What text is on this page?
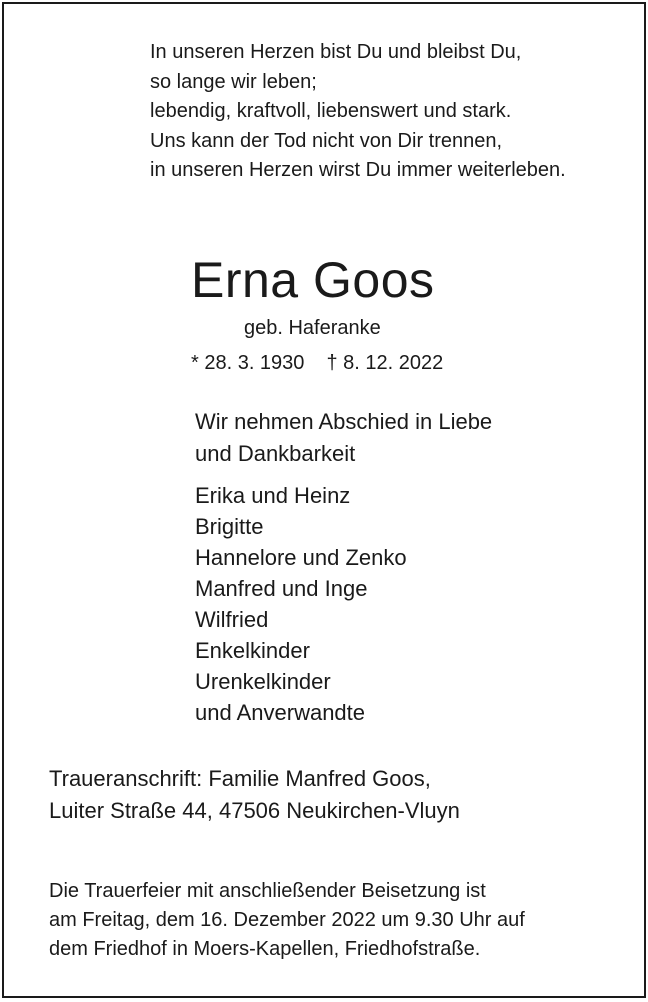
In unseren Herzen bist Du und bleibst Du,
so lange wir leben;
lebendig, kraftvoll, liebenswert und stark.
Uns kann der Tod nicht von Dir trennen,
in unseren Herzen wirst Du immer weiterleben.
Erna Goos
geb. Haferanke
* 28. 3. 1930 † 8. 12. 2022
Wir nehmen Abschied in Liebe
und Dankbarkeit
Erika und Heinz
Brigitte
Hannelore und Zenko
Manfred und Inge
Wilfried
Enkelkinder
Urenkelkinder
und Anverwandte
Traueranschrift: Familie Manfred Goos,
Luiter Straße 44, 47506 Neukirchen-Vluyn
Die Trauerfeier mit anschließender Beisetzung ist
am Freitag, dem 16. Dezember 2022 um 9.30 Uhr auf
dem Friedhof in Moers-Kapellen, Friedhofstraße.
